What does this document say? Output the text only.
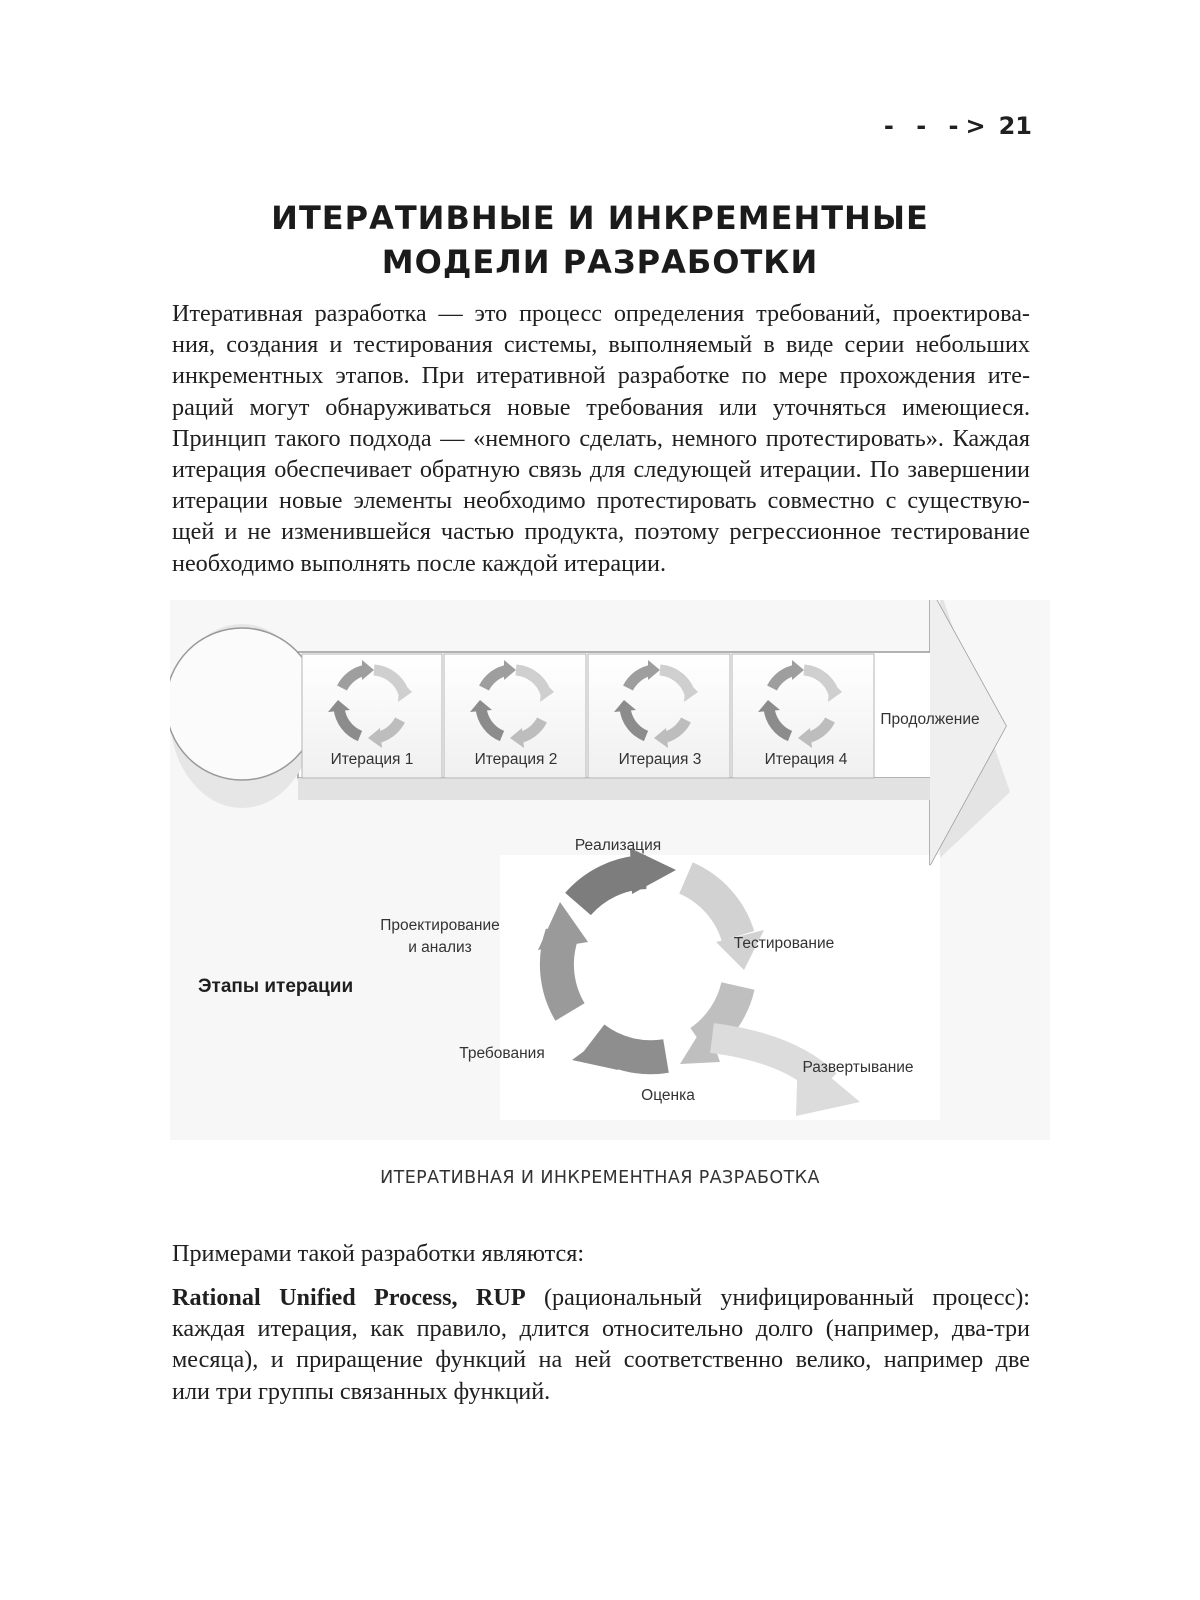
- - -> 21
ИТЕРАТИВНЫЕ И ИНКРЕМЕНТНЫЕ
МОДЕЛИ РАЗРАБОТКИ
Итеративная разработка — это процесс определения требований, проектирова-
ния, создания и тестирования системы, выполняемый в виде серии небольших
инкрементных этапов. При итеративной разработке по мере прохождения ите-
раций могут обнаруживаться новые требования или уточняться имеющиеся.
Принцип такого подхода — «немного сделать, немного протестировать». Каждая
итерация обеспечивает обратную связь для следующей итерации. По завершении
итерации новые элементы необходимо протестировать совместно с существую-
щей и не изменившейся частью продукта, поэтому регрессионное тестирование
необходимо выполнять после каждой итерации.
Итерация 1	Итерация 2	Итерация 3	Итерация 4
Продолжение
Реализация
Тестирование
Проектирование
и анализ
Требования
Оценка
Развертывание
Этапы итерации
ИТЕРАТИВНАЯ И ИНКРЕМЕНТНАЯ РАЗРАБОТКА
Примерами такой разработки являются:
Rational Unified Process, RUP (рациональный унифицированный процесс):
каждая итерация, как правило, длится относительно долго (например, два-три
месяца), и приращение функций на ней соответственно велико, например две
или три группы связанных функций.
